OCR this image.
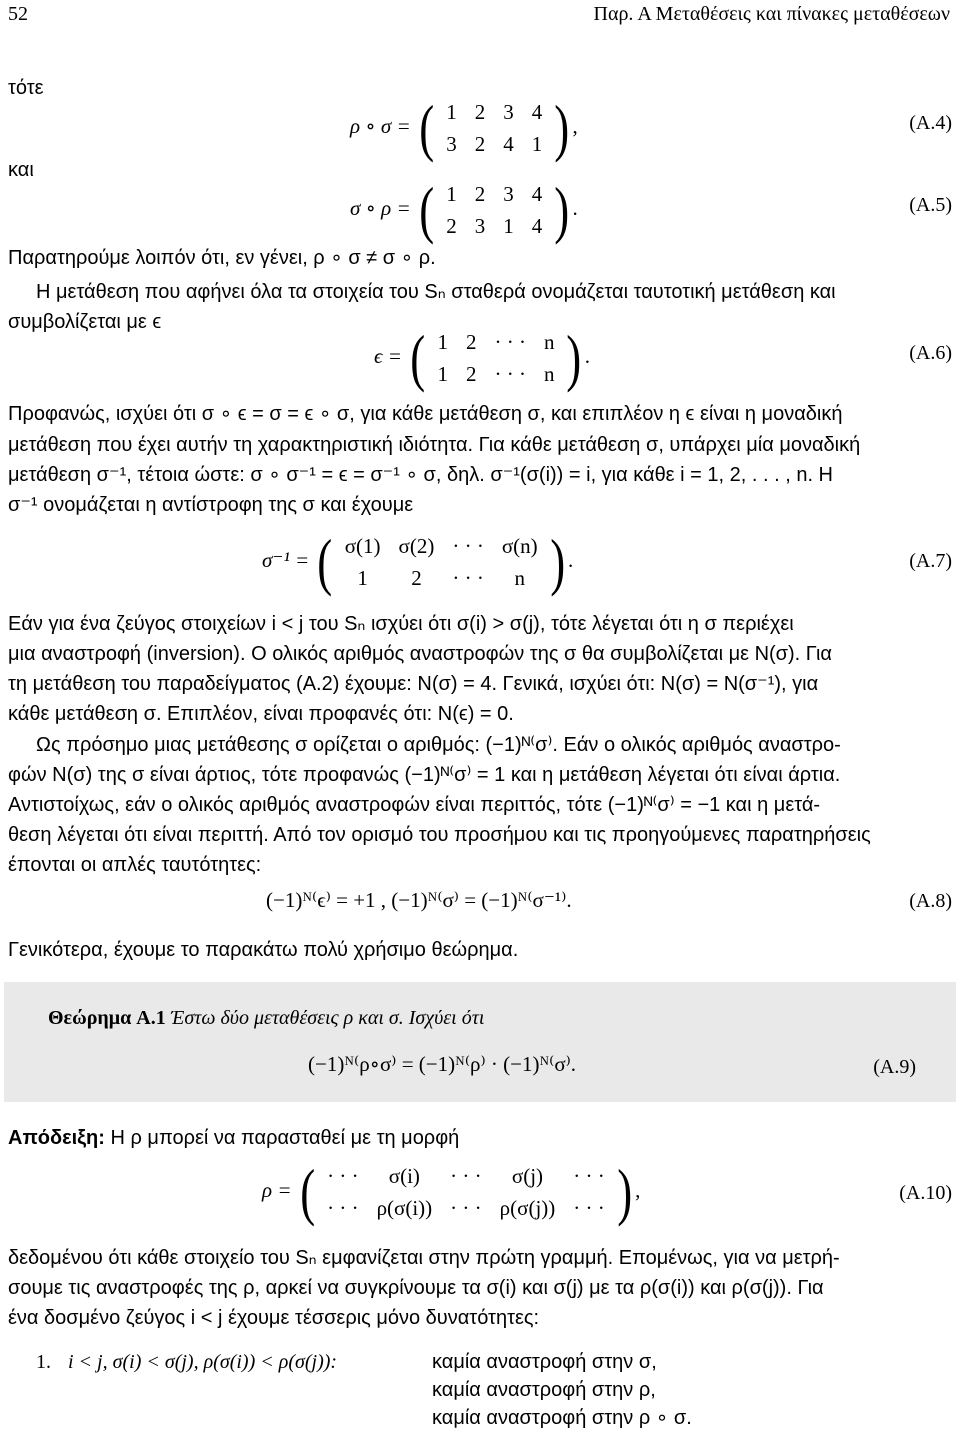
52	Παρ. Α Μεταθέσεις και πίνακες μεταθέσεων
τότε
ρ ∘ σ = ( 1	2	3	4
3	2	4	1 ) ,	(A.4)
και
σ ∘ ρ = ( 1	2	3	4
2	3	1	4 ) .	(A.5)
Παρατηρούμε λοιπόν ότι, εν γένει, ρ ∘ σ ≠ σ ∘ ρ.
Η μετάθεση που αφήνει όλα τα στοιχεία του Sₙ σταθερά ονομάζεται ταυτοτική μετάθεση και
συμβολίζεται με ϵ
ϵ = ( 1	2	· · ·	n
1	2	· · ·	n ) .	(A.6)
Προφανώς, ισχύει ότι σ ∘ ϵ = σ = ϵ ∘ σ, για κάθε μετάθεση σ, και επιπλέον η ϵ είναι η μοναδική
μετάθεση που έχει αυτήν τη χαρακτηριστική ιδιότητα. Για κάθε μετάθεση σ, υπάρχει μία μοναδική
μετάθεση σ⁻¹, τέτοια ώστε: σ ∘ σ⁻¹ = ϵ = σ⁻¹ ∘ σ, δηλ. σ⁻¹(σ(i)) = i, για κάθε i = 1, 2, . . . , n. Η
σ⁻¹ ονομάζεται η αντίστροφη της σ και έχουμε
σ⁻¹ = ( σ(1)	σ(2)	· · ·	σ(n)
1	2	· · ·	n ) .	(A.7)
Εάν για ένα ζεύγος στοιχείων i < j του Sₙ ισχύει ότι σ(i) > σ(j), τότε λέγεται ότι η σ περιέχει
μια αναστροφή (inversion). Ο ολικός αριθμός αναστροφών της σ θα συμβολίζεται με N(σ). Για
τη μετάθεση του παραδείγματος (A.2) έχουμε: N(σ) = 4. Γενικά, ισχύει ότι: N(σ) = N(σ⁻¹), για
κάθε μετάθεση σ. Επιπλέον, είναι προφανές ότι: N(ϵ) = 0.
Ως πρόσημο μιας μετάθεσης σ ορίζεται ο αριθμός: (−1)ᴺ⁽σ⁾. Εάν ο ολικός αριθμός αναστρο-
φών N(σ) της σ είναι άρτιος, τότε προφανώς (−1)ᴺ⁽σ⁾ = 1 και η μετάθεση λέγεται ότι είναι άρτια.
Αντιστοίχως, εάν ο ολικός αριθμός αναστροφών είναι περιττός, τότε (−1)ᴺ⁽σ⁾ = −1 και η μετά-
θεση λέγεται ότι είναι περιττή. Από τον ορισμό του προσήμου και τις προηγούμενες παρατηρήσεις
έπονται οι απλές ταυτότητες:
(−1)ᴺ⁽ϵ⁾ = +1 , (−1)ᴺ⁽σ⁾ = (−1)ᴺ⁽σ⁻¹⁾.	(A.8)
Γενικότερα, έχουμε το παρακάτω πολύ χρήσιμο θεώρημα.
Θεώρημα A.1 Έστω δύο μεταθέσεις ρ και σ. Ισχύει ότι
(−1)ᴺ⁽ρ∘σ⁾ = (−1)ᴺ⁽ρ⁾ · (−1)ᴺ⁽σ⁾.	(A.9)
Απόδειξη: Η ρ μπορεί να παρασταθεί με τη μορφή
ρ = ( · · ·	σ(i)	· · ·	σ(j)	· · ·
· · ·	ρ(σ(i))	· · ·	ρ(σ(j))	· · · ) ,	(A.10)
δεδομένου ότι κάθε στοιχείο του Sₙ εμφανίζεται στην πρώτη γραμμή. Επομένως, για να μετρή-
σουμε τις αναστροφές της ρ, αρκεί να συγκρίνουμε τα σ(i) και σ(j) με τα ρ(σ(i)) και ρ(σ(j)). Για
ένα δοσμένο ζεύγος i < j έχουμε τέσσερις μόνο δυνατότητες:
1. i < j, σ(i) < σ(j), ρ(σ(i)) < ρ(σ(j)):	καμία αναστροφή στην σ,
καμία αναστροφή στην ρ,
καμία αναστροφή στην ρ ∘ σ.
